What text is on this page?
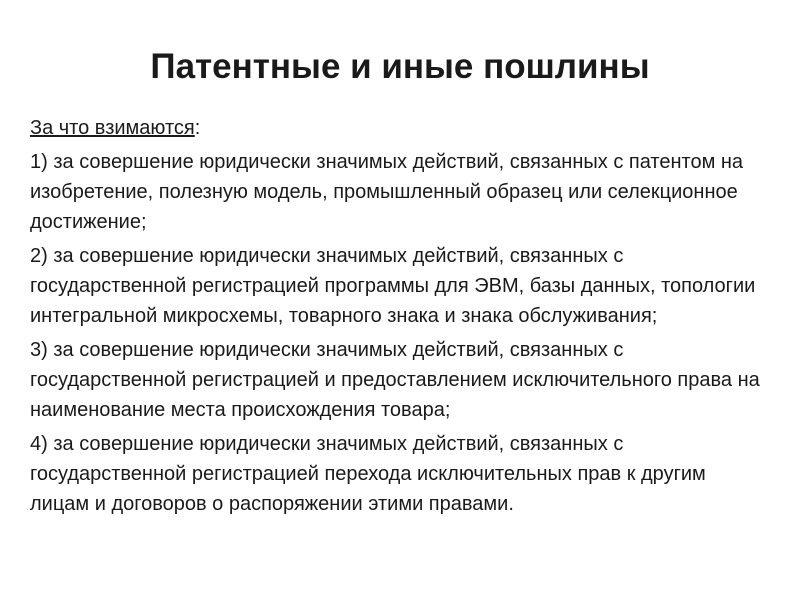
Патентные и иные пошлины

За что взимаются:

1) за совершение юридически значимых действий, связанных с патентом на изобретение, полезную модель, промышленный образец или селекционное достижение;

2) за совершение юридически значимых действий, связанных с государственной регистрацией программы для ЭВМ, базы данных, топологии интегральной микросхемы, товарного знака и знака обслуживания;

3) за совершение юридически значимых действий, связанных с государственной регистрацией и предоставлением исключительного права на наименование места происхождения товара;

4) за совершение юридически значимых действий, связанных с государственной регистрацией перехода исключительных прав к другим лицам и договоров о распоряжении этими правами.
